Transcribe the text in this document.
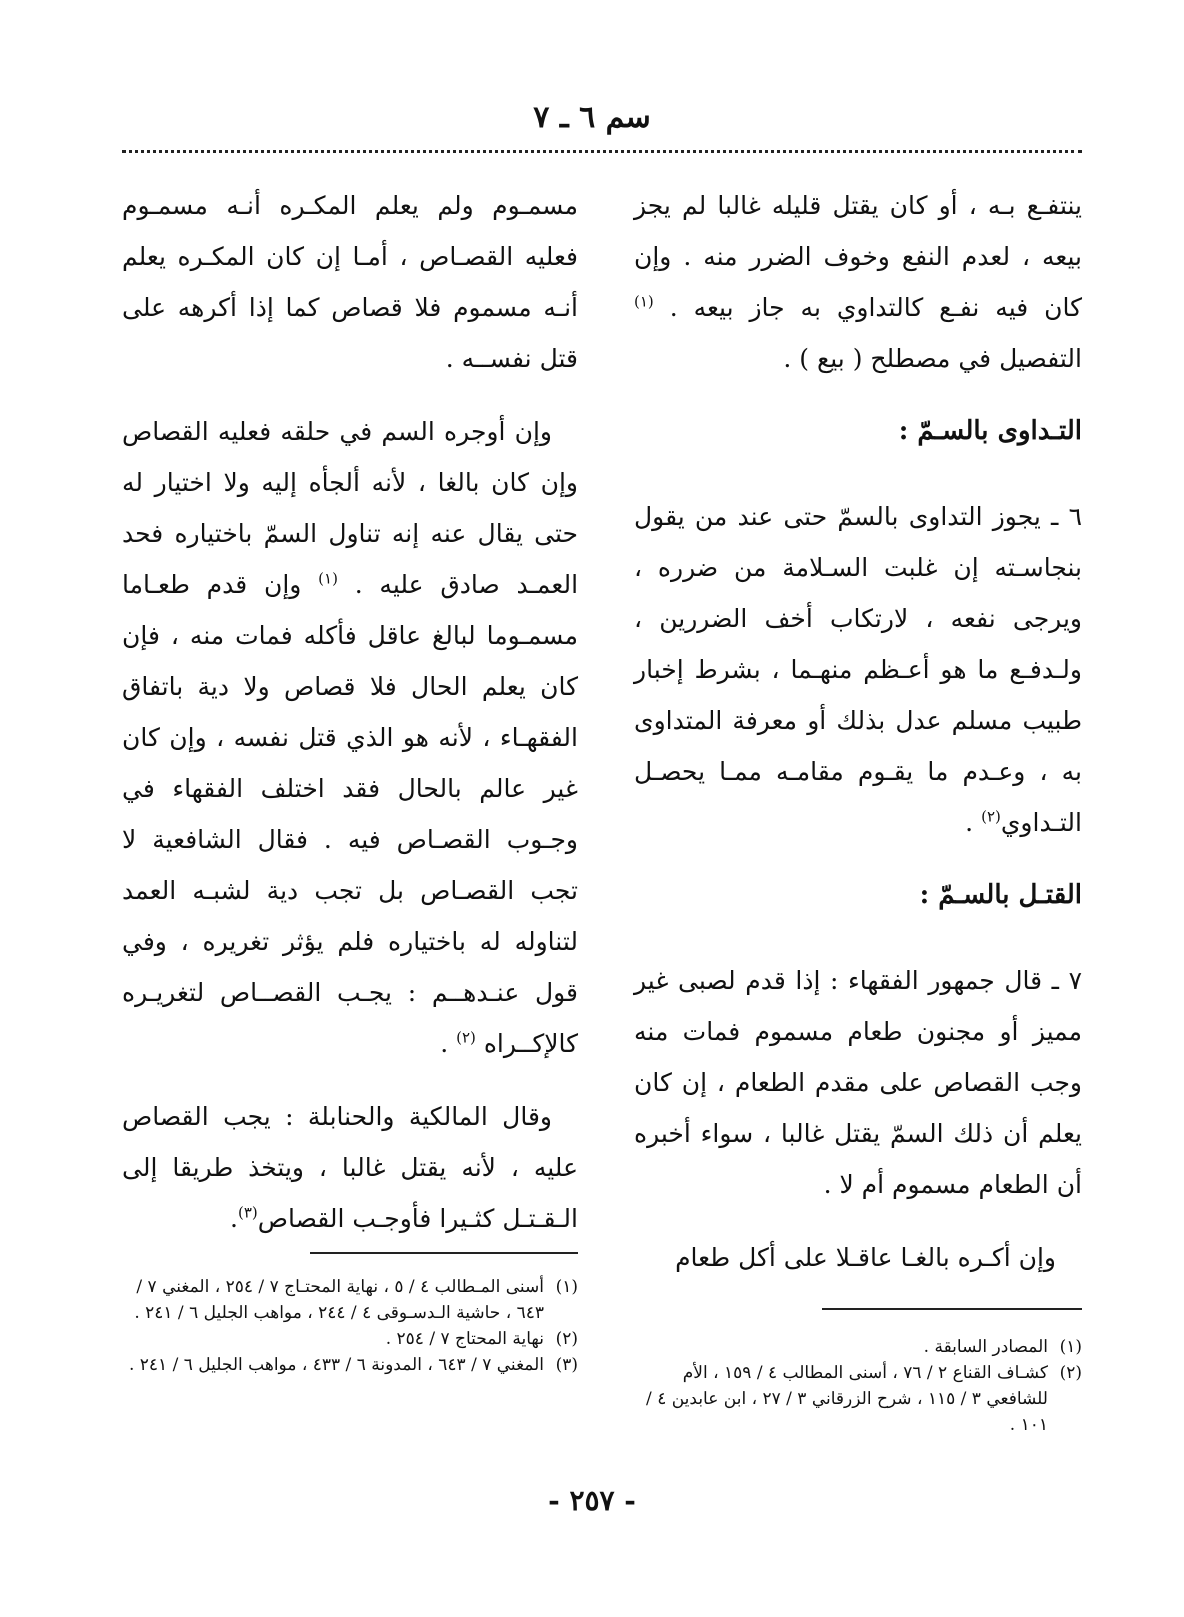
سم ٦ ـ ٧

ينتفـع بـه ، أو كان يقتل قليله غالبا لم يجز بيعه ، لعدم النفع وخوف الضرر منه . وإن كان فيه نفـع كالتداوي به جاز بيعه . $^{(١)}$ التفصيل في مصطلح ( بيع ) .

التـداوى بالسـمّ :

٦ ـ يجوز التداوى بالسمّ حتى عند من يقول بنجاسـته إن غلبت السـلامة من ضرره ، ويرجى نفعه ، لارتكاب أخف الضررين ، ولـدفـع ما هو أعـظم منهـما ، بشرط إخبار طبيب مسلم عدل بذلك أو معرفة المتداوى به ، وعـدم ما يقـوم مقامـه ممـا يحصـل التـداوي$^{(٢)}$ .

القتـل بالسـمّ :

٧ ـ قال جمهور الفقهاء : إذا قدم لصبى غير مميز أو مجنون طعام مسموم فمات منه وجب القصاص على مقدم الطعام ، إن كان يعلم أن ذلك السمّ يقتل غالبا ، سواء أخبره أن الطعام مسموم أم لا .

وإن أكـره بالغـا عاقـلا على أكل طعام

مسمـوم ولم يعلم المكـره أنـه مسمـوم فعليه القصـاص ، أمـا إن كان المكـره يعلم أنـه مسموم فلا قصاص كما إذا أكرهه على قتل نفســه .

وإن أوجره السم في حلقه فعليه القصاص وإن كان بالغا ، لأنه ألجأه إليه ولا اختيار له حتى يقال عنه إنه تناول السمّ باختياره فحد العمـد صادق عليه . $^{(١)}$ وإن قدم طعـاما مسمـوما لبالغ عاقل فأكله فمات منه ، فإن كان يعلم الحال فلا قصاص ولا دية باتفاق الفقهـاء ، لأنه هو الذي قتل نفسه ، وإن كان غير عالم بالحال فقد اختلف الفقهاء في وجـوب القصـاص فيه . فقال الشافعية لا تجب القصـاص بل تجب دية لشبـه العمد لتناوله له باختياره فلم يؤثر تغريره ، وفي قول عنـدهــم : يجـب القصــاص لتغريـره كالإكــراه $^{(٢)}$ .

وقال المالكية والحنابلة : يجب القصاص عليه ، لأنه يقتل غالبا ، ويتخذ طريقا إلى الـقـتـل كثـيرا فأوجـب القصاص$^{(٣)}$.

(١)المصادر السابقة .
(٢)كشـاف القناع ٢ / ٧٦ ، أسنى المطالب ٤ / ١٥٩ ، الأم للشافعي ٣ / ١١٥ ، شرح الزرقاني ٣ / ٢٧ ، ابن عابدين ٤ / ١٠١ .
(١)أسنى المـطالب ٤ / ٥ ، نهاية المحتـاج ٧ / ٢٥٤ ، المغني ٧ / ٦٤٣ ، حاشية الـدسـوقى ٤ / ٢٤٤ ، مواهب الجليل ٦ / ٢٤١ .
(٢)نهاية المحتاج ٧ / ٢٥٤ .
(٣)المغني ٧ / ٦٤٣ ، المدونة ٦ / ٤٣٣ ، مواهب الجليل ٦ / ٢٤١ .
- ٢٥٧ -
